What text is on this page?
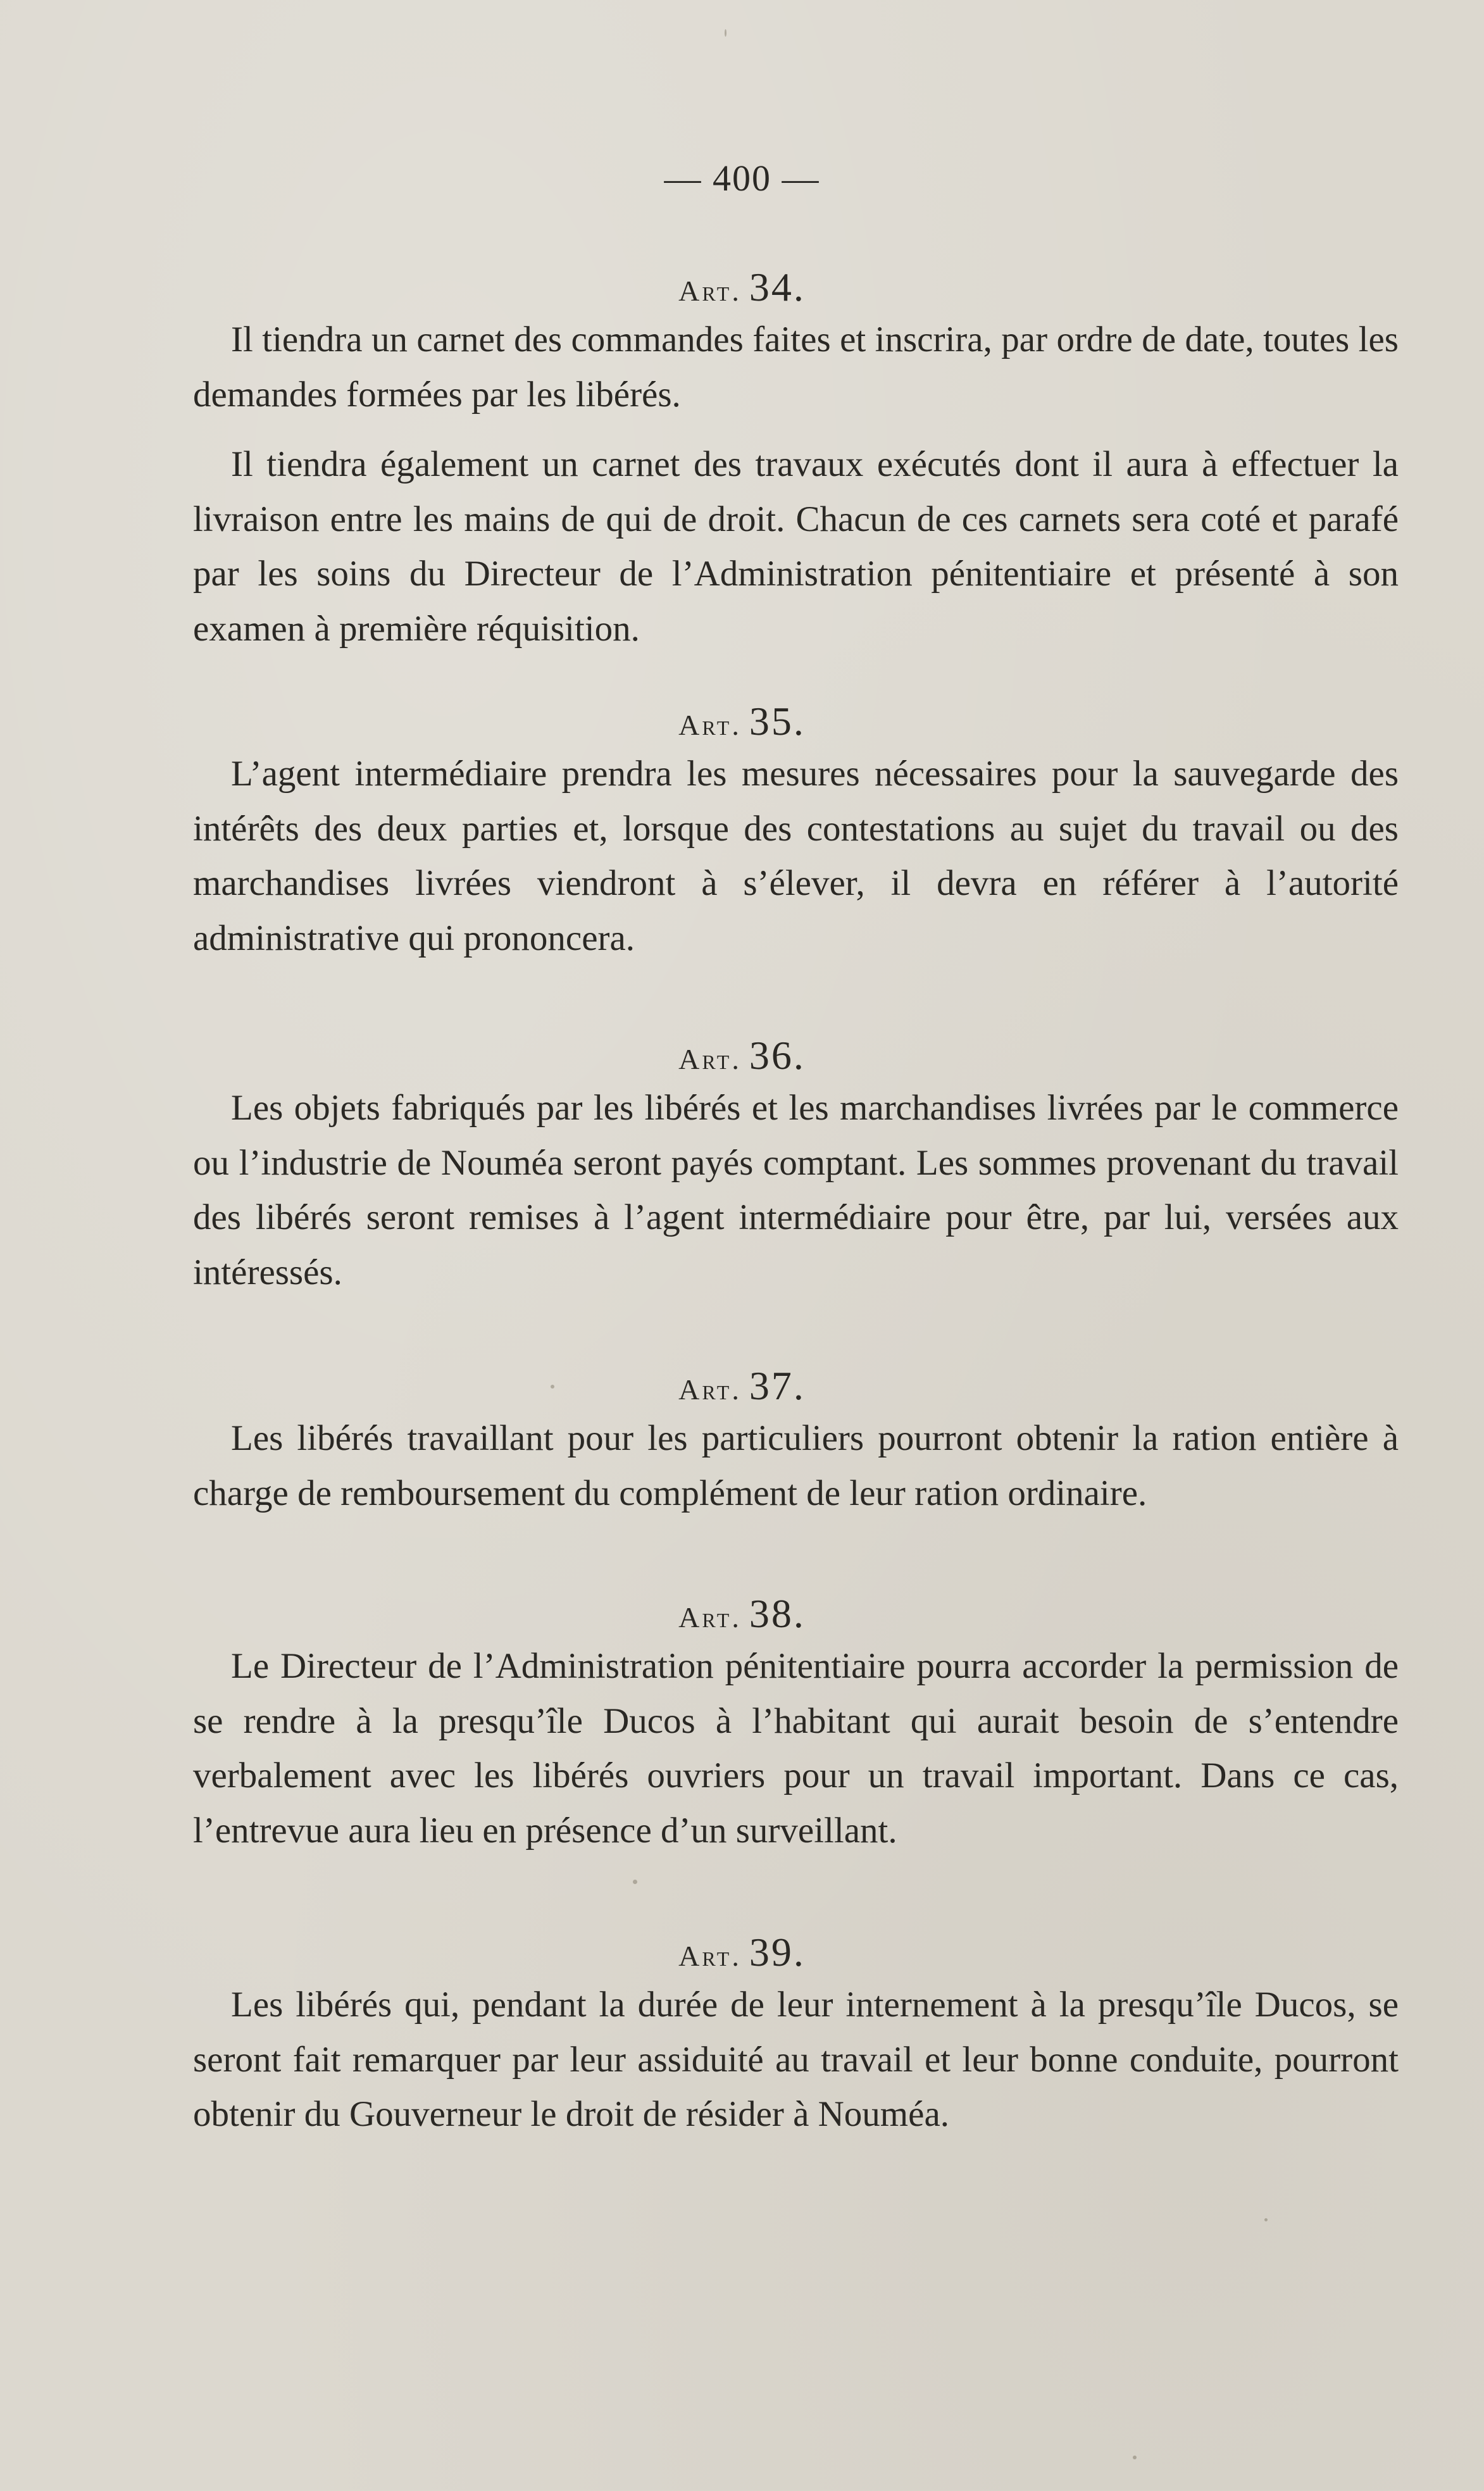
— 400 —
Art. 34.

Il tiendra un carnet des commandes faites et inscrira, par ordre de date, toutes les demandes formées par les libérés.

Il tiendra également un carnet des travaux exécutés dont il aura à effectuer la livraison entre les mains de qui de droit. Chacun de ces carnets sera coté et parafé par les soins du Directeur de l’Administration pénitentiaire et présenté à son examen à première réquisition.

Art. 35.

L’agent intermédiaire prendra les mesures nécessaires pour la sauvegarde des intérêts des deux parties et, lorsque des contestations au sujet du travail ou des marchandises livrées viendront à s’élever, il devra en référer à l’autorité administrative qui prononcera.

Art. 36.

Les objets fabriqués par les libérés et les marchandises livrées par le commerce ou l’industrie de Nouméa seront payés comptant. Les sommes provenant du travail des libérés seront remises à l’agent intermédiaire pour être, par lui, versées aux intéressés.

Art. 37.

Les libérés travaillant pour les particuliers pourront obtenir la ration entière à charge de remboursement du complément de leur ration ordinaire.

Art. 38.

Le Directeur de l’Administration pénitentiaire pourra accorder la permission de se rendre à la presqu’île Ducos à l’habitant qui aurait besoin de s’entendre verbalement avec les libérés ouvriers pour un travail important. Dans ce cas, l’entrevue aura lieu en présence d’un surveillant.

Art. 39.

Les libérés qui, pendant la durée de leur internement à la presqu’île Ducos, se seront fait remarquer par leur assiduité au travail et leur bonne conduite, pourront obtenir du Gouverneur le droit de résider à Nouméa.
